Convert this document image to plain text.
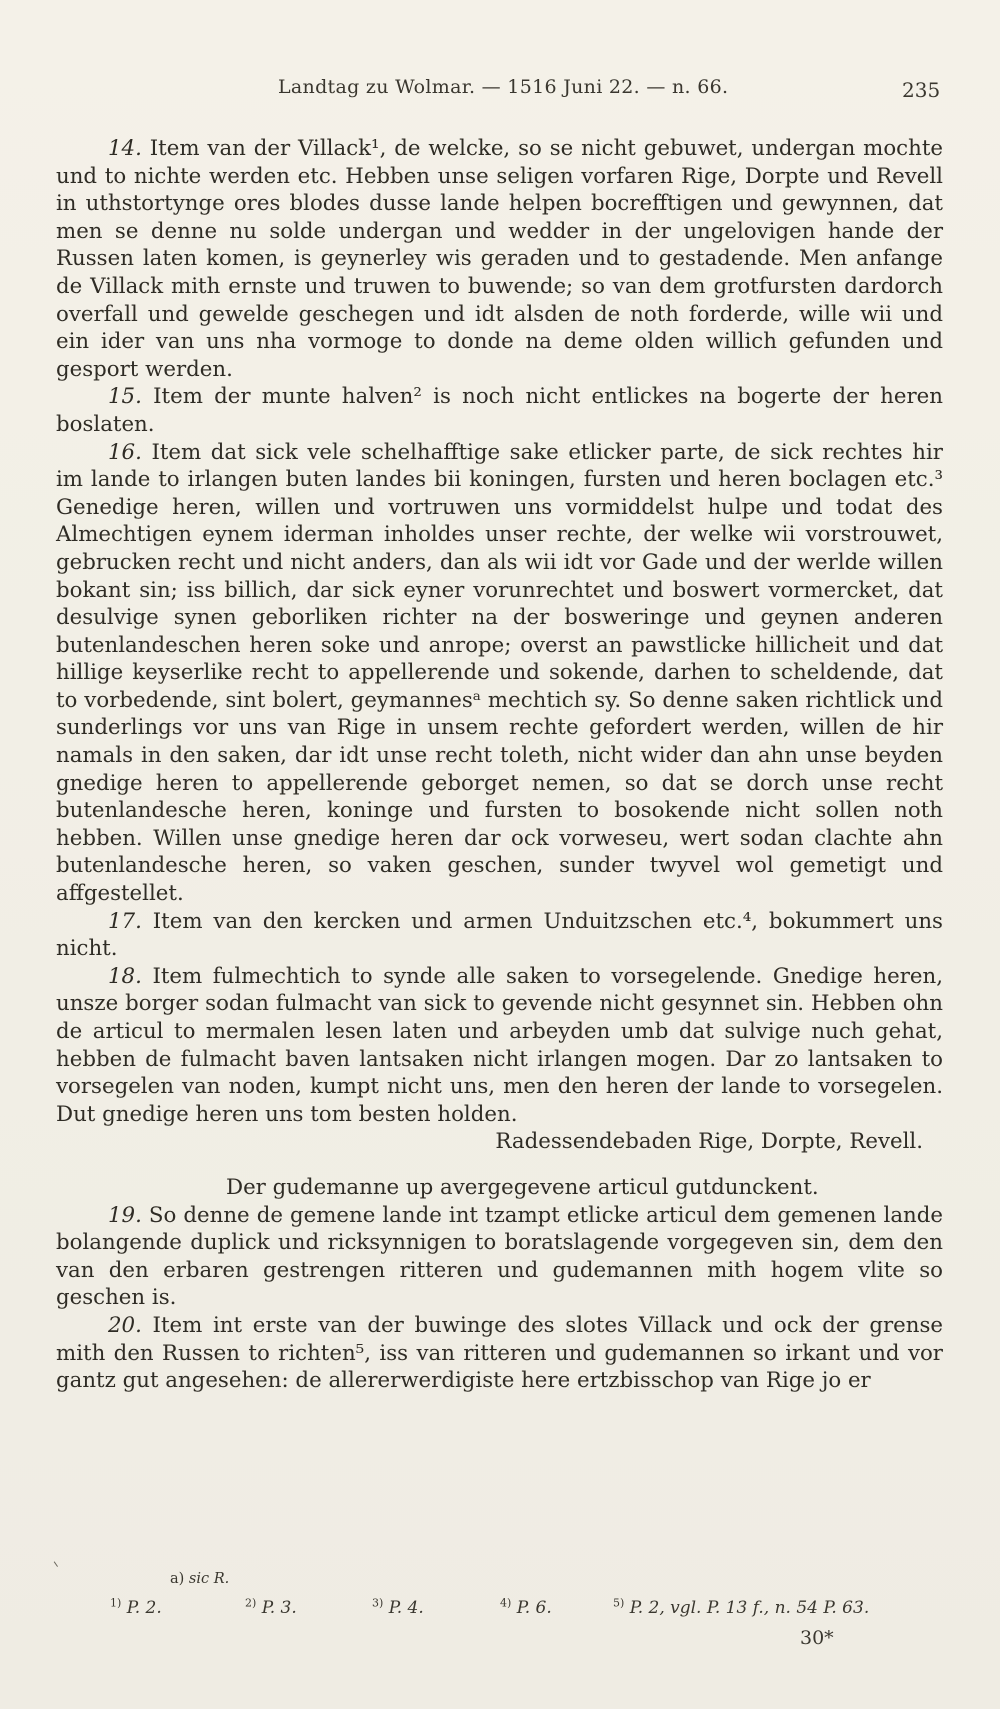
Landtag zu Wolmar. — 1516 Juni 22. — n. 66.	235

14. Item van der Villack¹, de welcke, so se nicht gebuwet, undergan mochte und to nichte werden etc. Hebben unse seligen vorfaren Rige, Dorpte und Revell in uthstortynge ores blodes dusse lande helpen bocrefftigen und gewynnen, dat men se denne nu solde undergan und wedder in der ungelovigen hande der Russen laten komen, is geynerley wis geraden und to gestadende. Men anfange de Villack mith ernste und truwen to buwende; so van dem grotfursten dardorch overfall und gewelde geschegen und idt alsden de noth forderde, wille wii und ein ider van uns nha vormoge to donde na deme olden willich gefunden und gesport werden.

15. Item der munte halven² is noch nicht entlickes na bogerte der heren boslaten.

16. Item dat sick vele schelhafftige sake etlicker parte, de sick rechtes hir im lande to irlangen buten landes bii koningen, fursten und heren boclagen etc.³ Genedige heren, willen und vortruwen uns vormiddelst hulpe und todat des Almechtigen eynem iderman inholdes unser rechte, der welke wii vorstrouwet, gebrucken recht und nicht anders, dan als wii idt vor Gade und der werlde willen bokant sin; iss billich, dar sick eyner vorunrechtet und boswert vormercket, dat desulvige synen geborliken richter na der bosweringe und geynen anderen butenlandeschen heren soke und anrope; overst an pawstlicke hillicheit und dat hillige keyserlike recht to appellerende und sokende, darhen to scheldende, dat to vorbedende, sint bolert, geymannesᵃ mechtich sy. So denne saken richtlick und sunderlings vor uns van Rige in unsem rechte gefordert werden, willen de hir namals in den saken, dar idt unse recht toleth, nicht wider dan ahn unse beyden gnedige heren to appellerende geborget nemen, so dat se dorch unse recht butenlandesche heren, koninge und fursten to bosokende nicht sollen noth hebben. Willen unse gnedige heren dar ock vorweseu, wert sodan clachte ahn butenlandesche heren, so vaken geschen, sunder twyvel wol gemetigt und affgestellet.

17. Item van den kercken und armen Unduitzschen etc.⁴, bokummert uns nicht.

18. Item fulmechtich to synde alle saken to vorsegelende. Gnedige heren, unsze borger sodan fulmacht van sick to gevende nicht gesynnet sin. Hebben ohn de articul to mermalen lesen laten und arbeyden umb dat sulvige nuch gehat, hebben de fulmacht baven lantsaken nicht irlangen mogen. Dar zo lantsaken to vorsegelen van noden, kumpt nicht uns, men den heren der lande to vorsegelen. Dut gnedige heren uns tom besten holden.

Radessendebaden Rige, Dorpte, Revell.

Der gudemanne up avergegevene articul gutdunckent.

19. So denne de gemene lande int tzampt etlicke articul dem gemenen lande bolangende duplick und ricksynnigen to boratslagende vorgegeven sin, dem den van den erbaren gestrengen ritteren und gudemannen mith hogem vlite so geschen is.

20. Item int erste van der buwinge des slotes Villack und ock der grense mith den Russen to richten⁵, iss van ritteren und gudemannen so irkant und vor gantz gut angesehen: de allererwerdigiste here ertzbisschop van Rige jo er

a) sic R.
$^{1)}$ P. 2.	$^{2)}$ P. 3.	$^{3)}$ P. 4.	$^{4)}$ P. 6.	$^{5)}$ P. 2, vgl. P. 13 f., n. 54 P. 63.
30*
